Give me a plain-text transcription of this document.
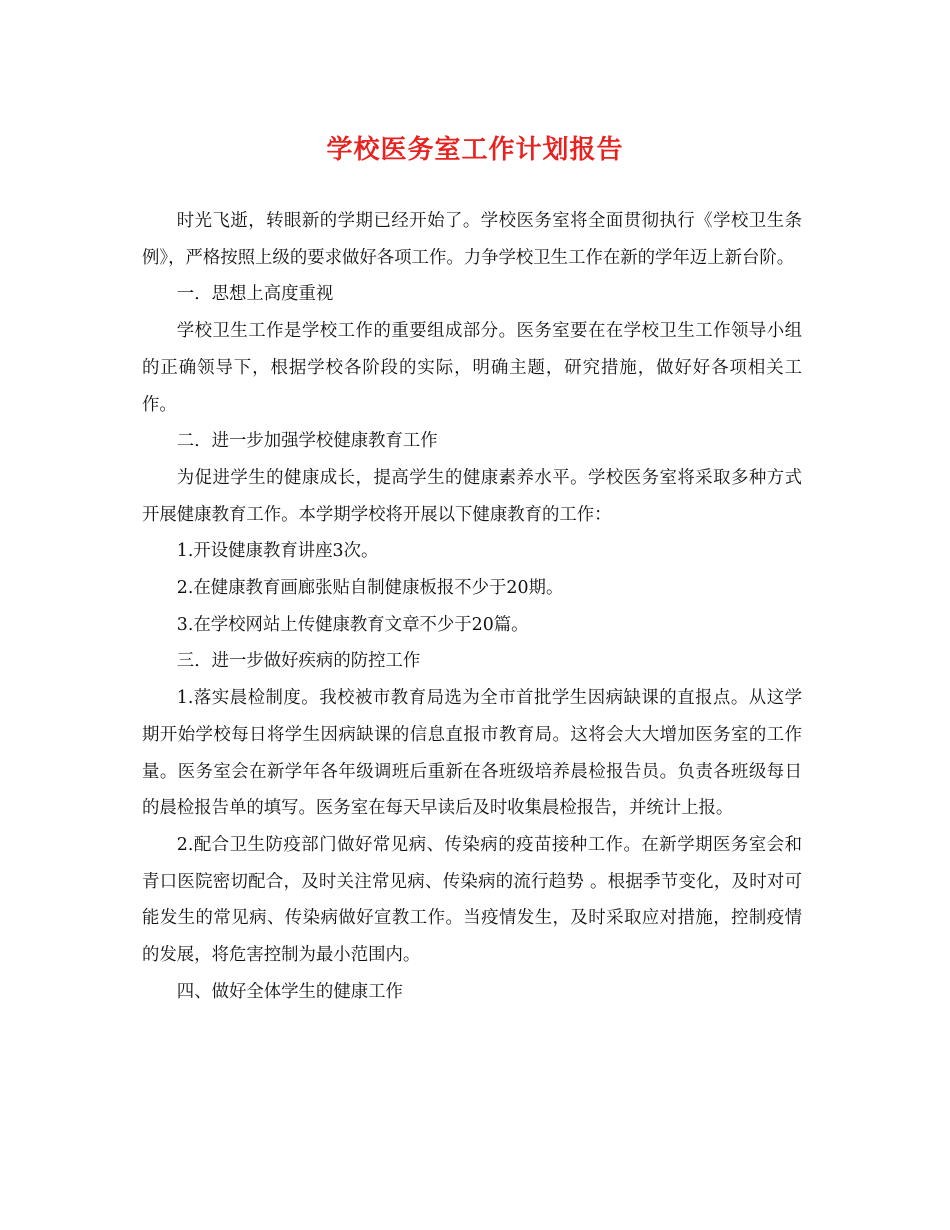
学校医务室工作计划报告

时光飞逝，转眼新的学期已经开始了。学校医务室将全面贯彻执行《学校卫生条例》，严格按照上级的要求做好各项工作。力争学校卫生工作在新的学年迈上新台阶。

一．思想上高度重视

学校卫生工作是学校工作的重要组成部分。医务室要在在学校卫生工作领导小组的正确领导下，根据学校各阶段的实际，明确主题，研究措施，做好好各项相关工作。

二．进一步加强学校健康教育工作

为促进学生的健康成长，提高学生的健康素养水平。学校医务室将采取多种方式开展健康教育工作。本学期学校将开展以下健康教育的工作：

1.开设健康教育讲座3次。

2.在健康教育画廊张贴自制健康板报不少于20期。

3.在学校网站上传健康教育文章不少于20篇。

三．进一步做好疾病的防控工作

1.落实晨检制度。我校被市教育局选为全市首批学生因病缺课的直报点。从这学期开始学校每日将学生因病缺课的信息直报市教育局。这将会大大增加医务室的工作量。医务室会在新学年各年级调班后重新在各班级培养晨检报告员。负责各班级每日的晨检报告单的填写。医务室在每天早读后及时收集晨检报告，并统计上报。

2.配合卫生防疫部门做好常见病、传染病的疫苗接种工作。在新学期医务室会和青口医院密切配合，及时关注常见病、传染病的流行趋势 。根据季节变化，及时对可能发生的常见病、传染病做好宣教工作。当疫情发生，及时采取应对措施，控制疫情的发展，将危害控制为最小范围内。

四、做好全体学生的健康工作
